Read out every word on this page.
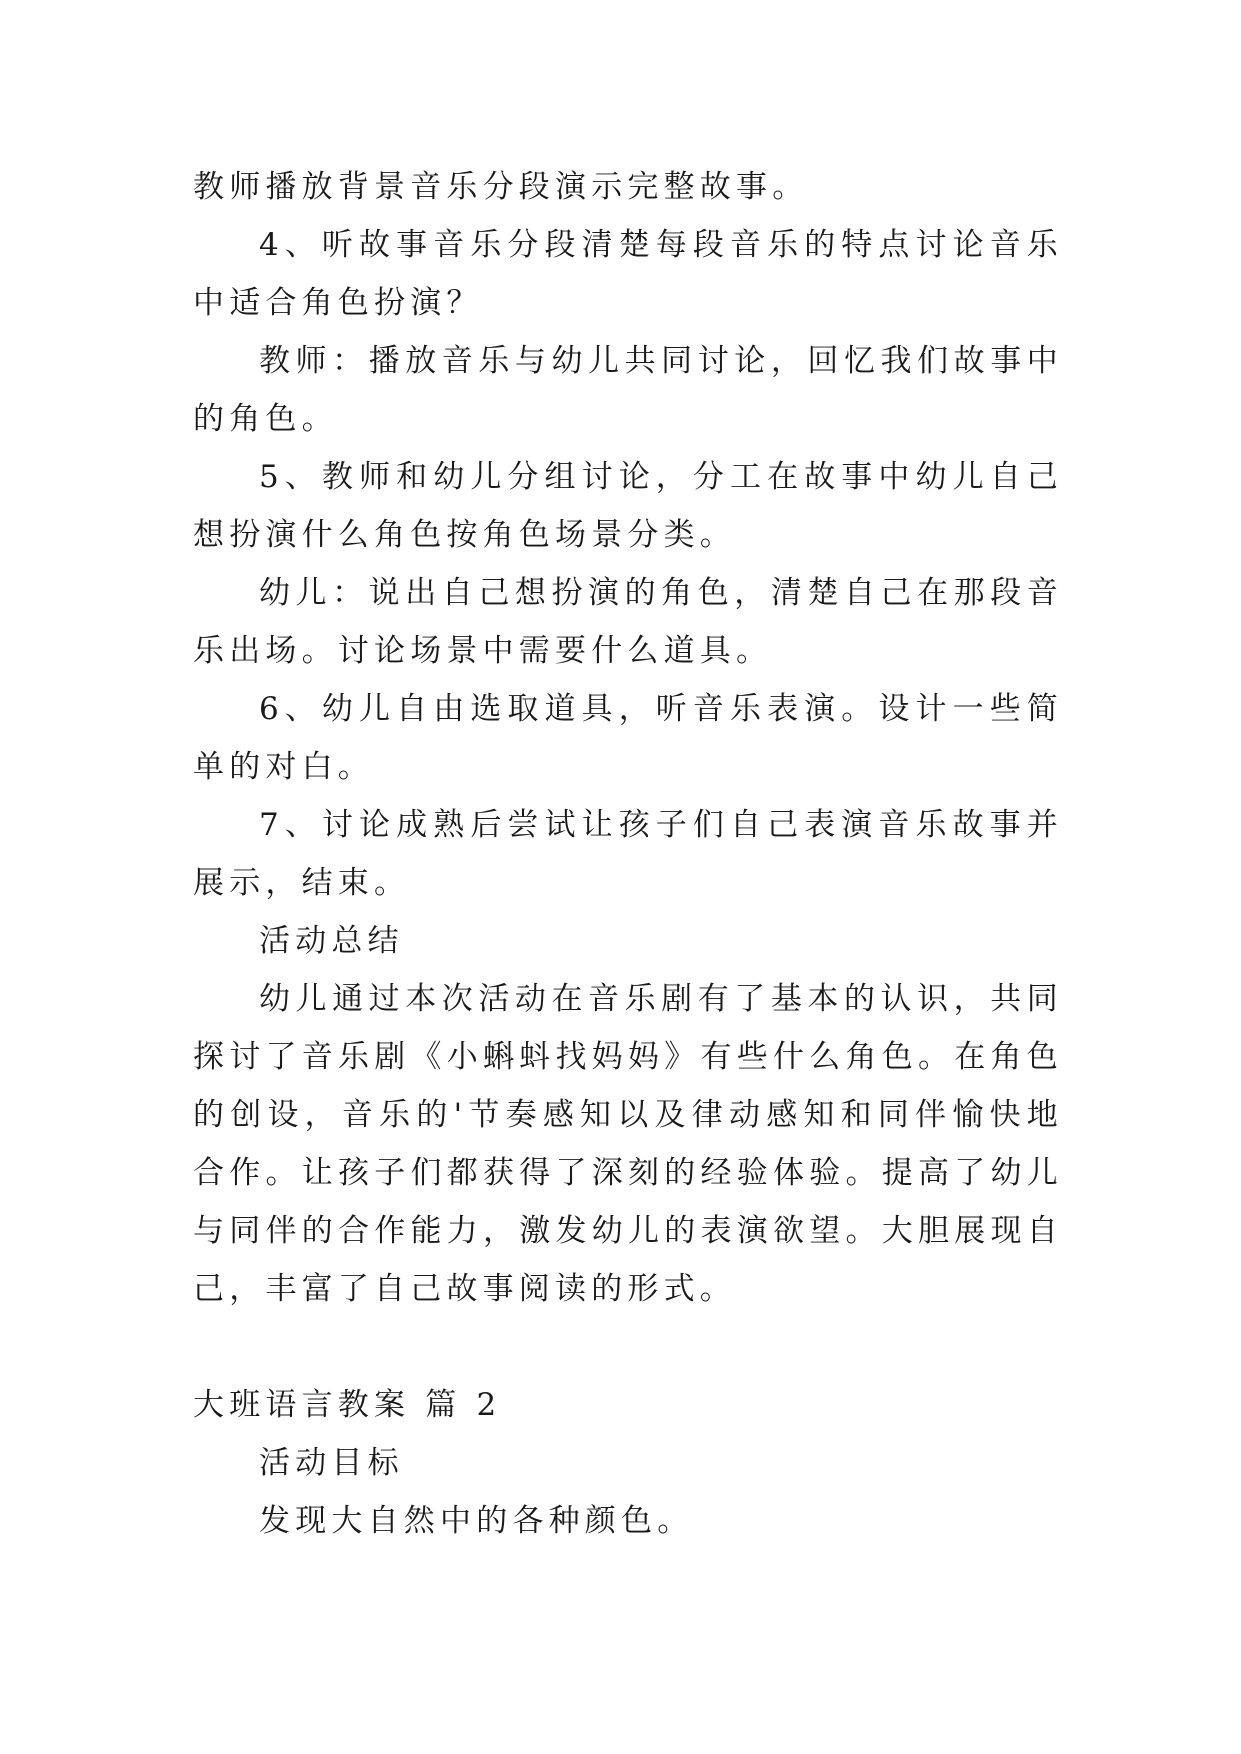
教师播放背景音乐分段演示完整故事。

4、听故事音乐分段清楚每段音乐的特点讨论音乐中适合角色扮演？

教师：播放音乐与幼儿共同讨论，回忆我们故事中的角色。

5、教师和幼儿分组讨论，分工在故事中幼儿自己想扮演什么角色按角色场景分类。

幼儿：说出自己想扮演的角色，清楚自己在那段音乐出场。讨论场景中需要什么道具。

6、幼儿自由选取道具，听音乐表演。设计一些简单的对白。

7、讨论成熟后尝试让孩子们自己表演音乐故事并展示，结束。

活动总结

幼儿通过本次活动在音乐剧有了基本的认识，共同探讨了音乐剧《小蝌蚪找妈妈》有些什么角色。在角色的创设，音乐的'节奏感知以及律动感知和同伴愉快地合作。让孩子们都获得了深刻的经验体验。提高了幼儿与同伴的合作能力，激发幼儿的表演欲望。大胆展现自己，丰富了自己故事阅读的形式。

大班语言教案 篇 2

活动目标

发现大自然中的各种颜色。
